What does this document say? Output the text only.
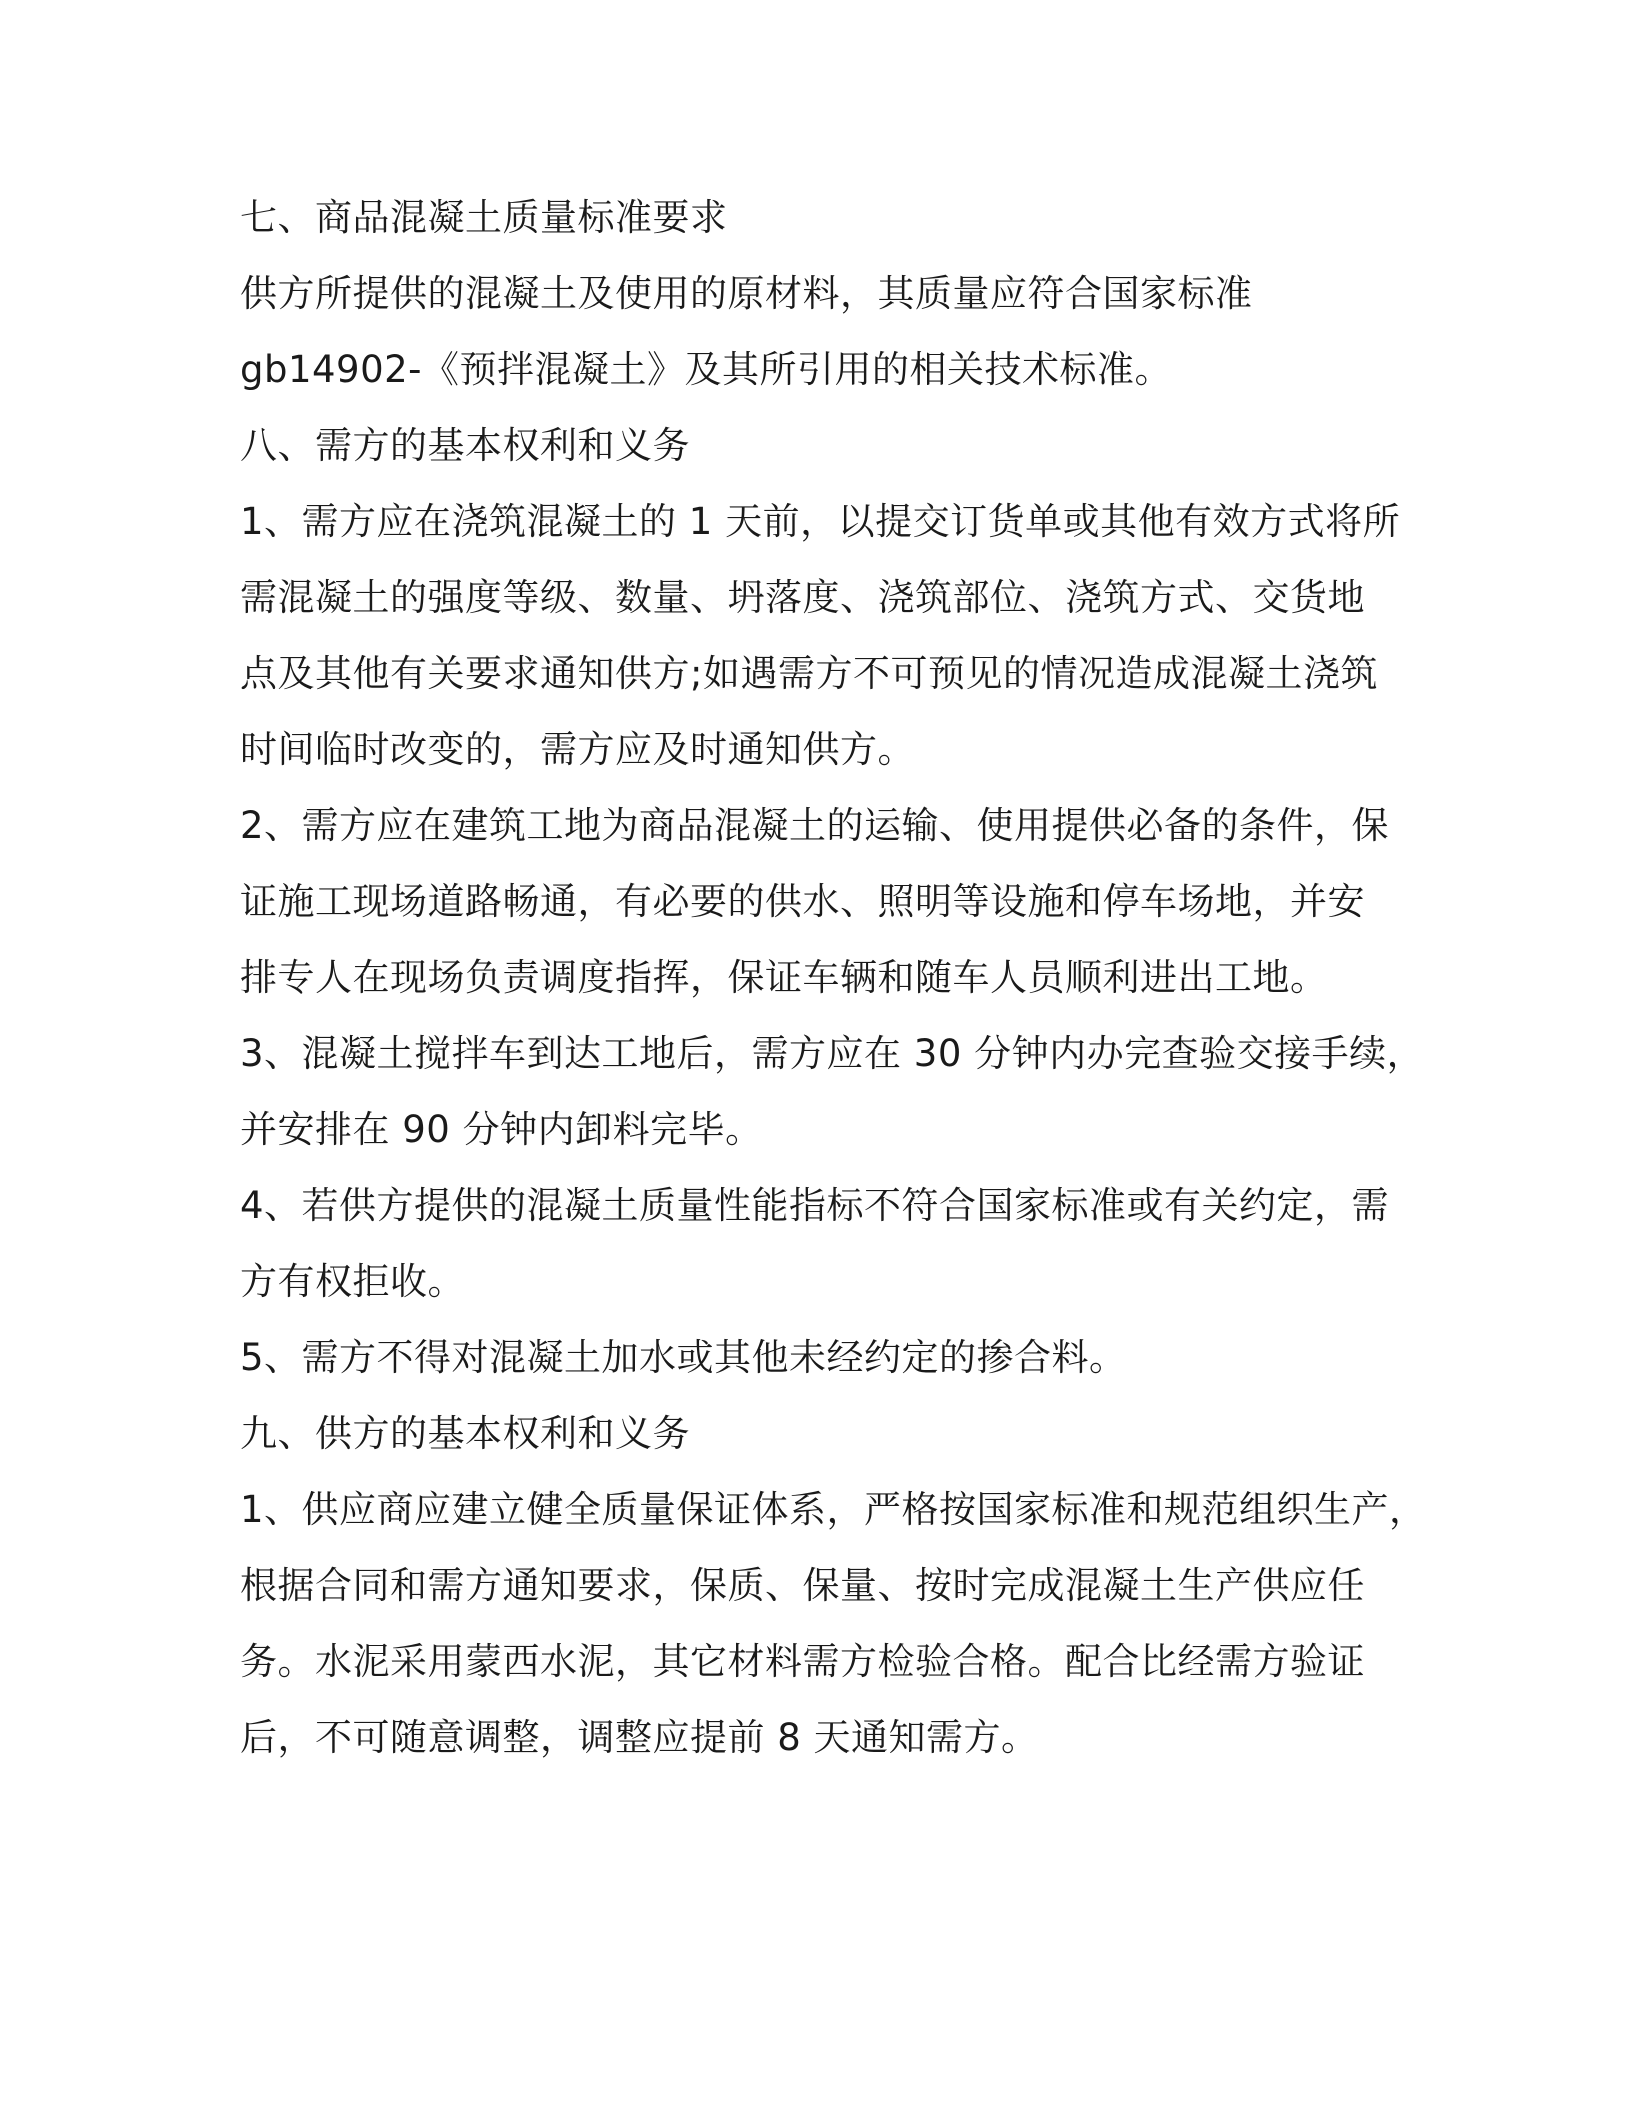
七、商品混凝土质量标准要求
供方所提供的混凝土及使用的原材料，其质量应符合国家标准
gb14902-《预拌混凝土》及其所引用的相关技术标准。
八、需方的基本权利和义务
1、需方应在浇筑混凝土的 1 天前，以提交订货单或其他有效方式将所
需混凝土的强度等级、数量、坍落度、浇筑部位、浇筑方式、交货地
点及其他有关要求通知供方;如遇需方不可预见的情况造成混凝土浇筑
时间临时改变的，需方应及时通知供方。
2、需方应在建筑工地为商品混凝土的运输、使用提供必备的条件，保
证施工现场道路畅通，有必要的供水、照明等设施和停车场地，并安
排专人在现场负责调度指挥，保证车辆和随车人员顺利进出工地。
3、混凝土搅拌车到达工地后，需方应在 30 分钟内办完查验交接手续，
并安排在 90 分钟内卸料完毕。
4、若供方提供的混凝土质量性能指标不符合国家标准或有关约定，需
方有权拒收。
5、需方不得对混凝土加水或其他未经约定的掺合料。
九、供方的基本权利和义务
1、供应商应建立健全质量保证体系，严格按国家标准和规范组织生产，
根据合同和需方通知要求，保质、保量、按时完成混凝土生产供应任
务。水泥采用蒙西水泥，其它材料需方检验合格。配合比经需方验证
后，不可随意调整，调整应提前 8 天通知需方。
